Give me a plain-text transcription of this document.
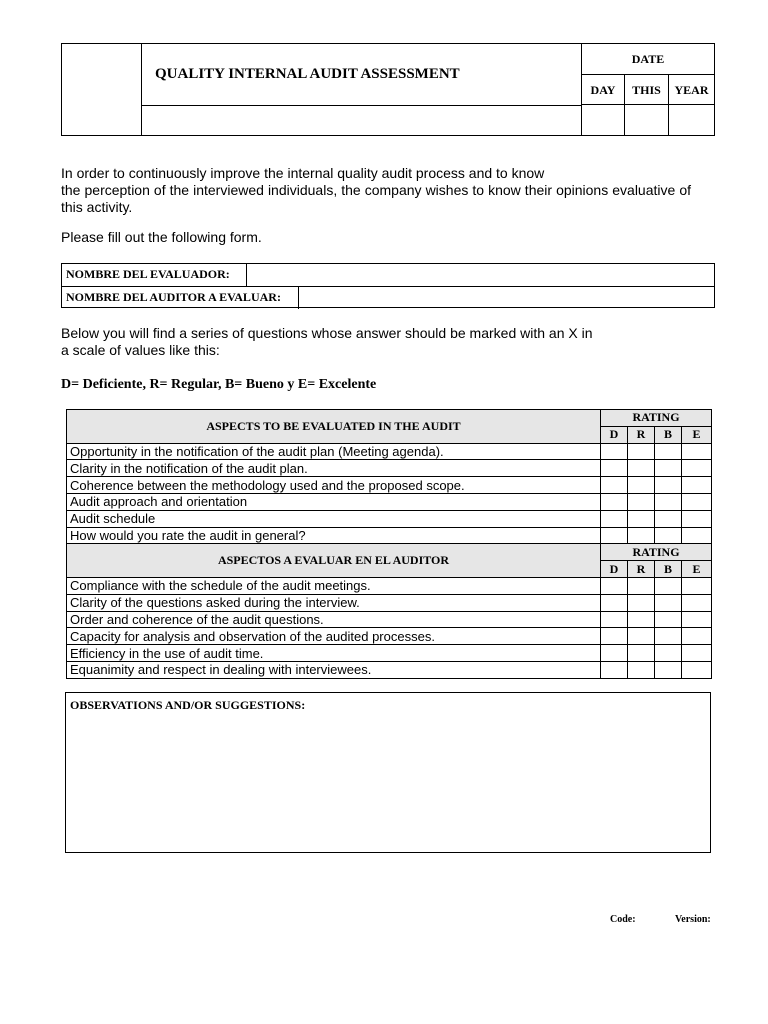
QUALITY INTERNAL AUDIT ASSESSMENT
DATE
DAY	THIS	YEAR
In order to continuously improve the internal quality audit process and to know
the perception of the interviewed individuals, the company wishes to know their opinions evaluative of this activity.
Please fill out the following form.
NOMBRE DEL EVALUADOR:
NOMBRE DEL AUDITOR A EVALUAR:
Below you will find a series of questions whose answer should be marked with an X in
a scale of values like this:
D= Deficiente, R= Regular, B= Bueno y E= Excelente
ASPECTS TO BE EVALUATED IN THE AUDIT	RATING			
	D	R	B	E
Opportunity in the notification of the audit plan (Meeting agenda).				
Clarity in the notification of the audit plan.				
Coherence between the methodology used and the proposed scope.				
Audit approach and orientation				
Audit schedule				
How would you rate the audit in general?				
ASPECTOS A EVALUAR EN EL AUDITOR	RATING			
	D	R	B	E
Compliance with the schedule of the audit meetings.				
Clarity of the questions asked during the interview.				
Order and coherence of the audit questions.				
Capacity for analysis and observation of the audited processes.				
Efficiency in the use of audit time.				
Equanimity and respect in dealing with interviewees.				
OBSERVATIONS AND/OR SUGGESTIONS:
Code:	Version:
